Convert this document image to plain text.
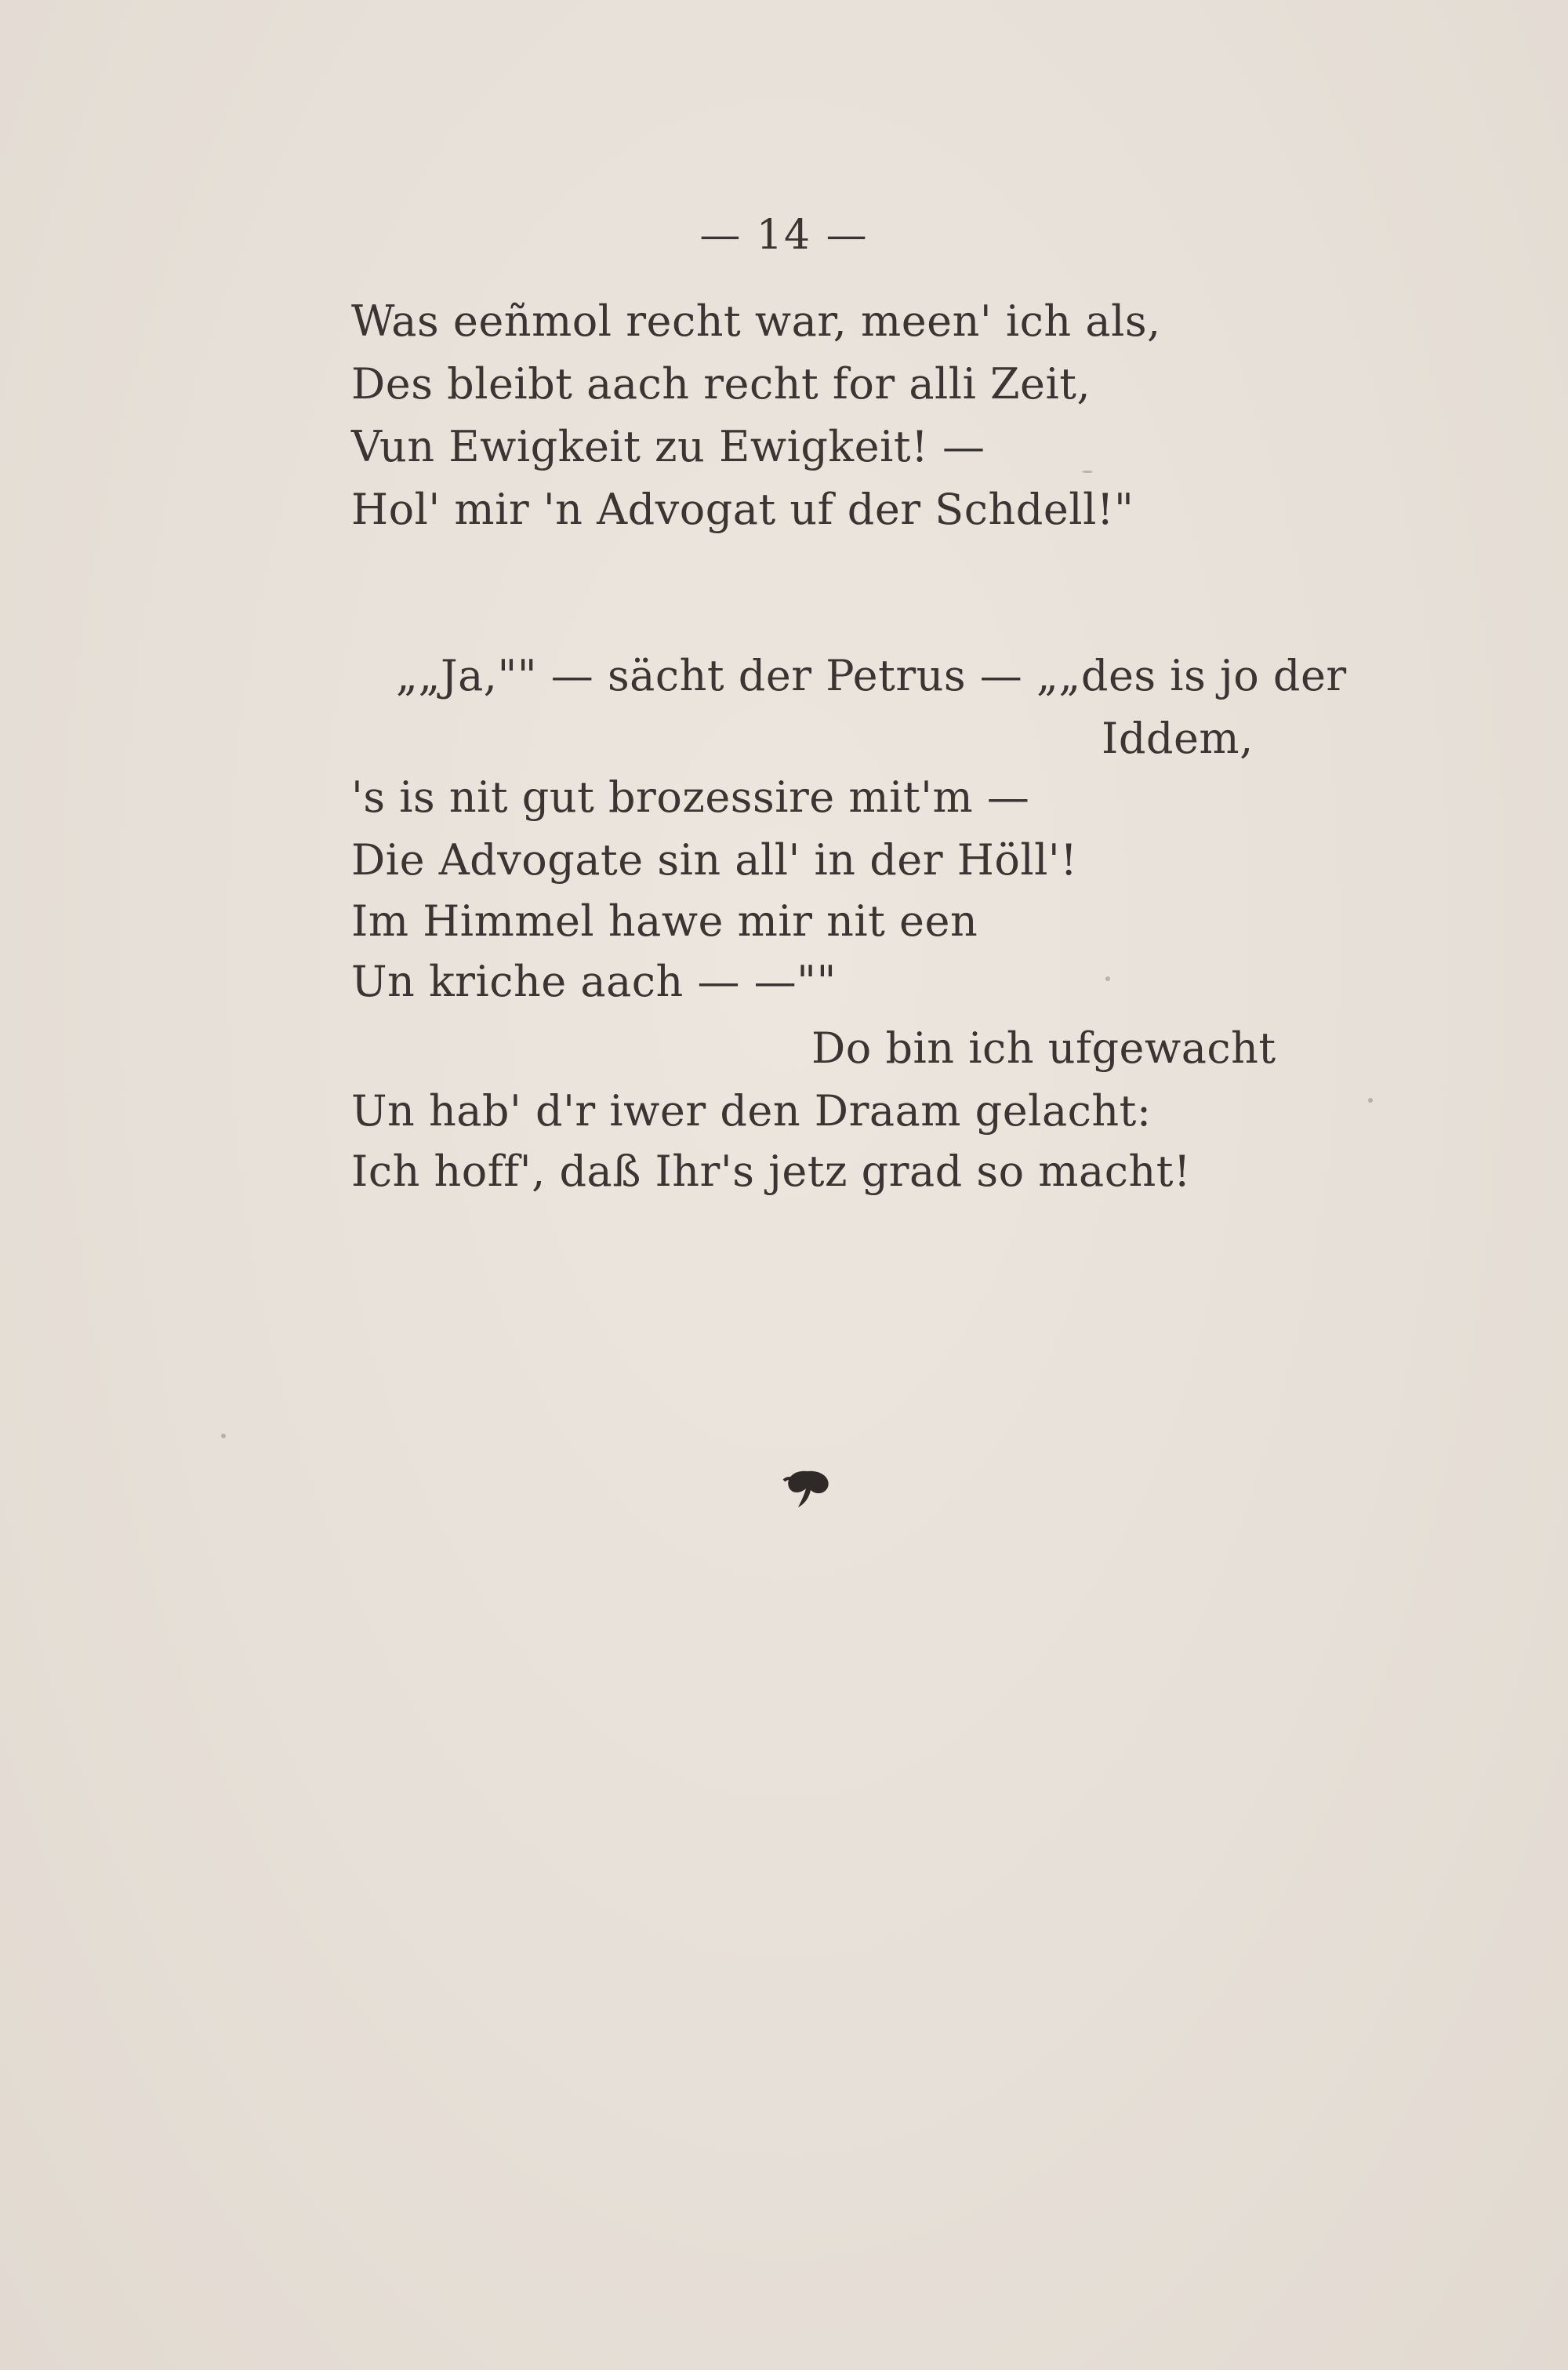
— 14 —
Was eeñmol recht war, meen' ich als,
Des bleibt aach recht for alli Zeit,
Vun Ewigkeit zu Ewigkeit! —
Hol' mir 'n Advogat uf der Schdell!"
„„Ja,"" — sächt der Petrus — „„des is jo der
Iddem,
's is nit gut brozessire mit'm —
Die Advogate sin all' in der Höll'!
Im Himmel hawe mir nit een
Un kriche aach — —""
Do bin ich ufgewacht
Un hab' d'r iwer den Draam gelacht:
Ich hoff', daß Ihr's jetz grad so macht!
